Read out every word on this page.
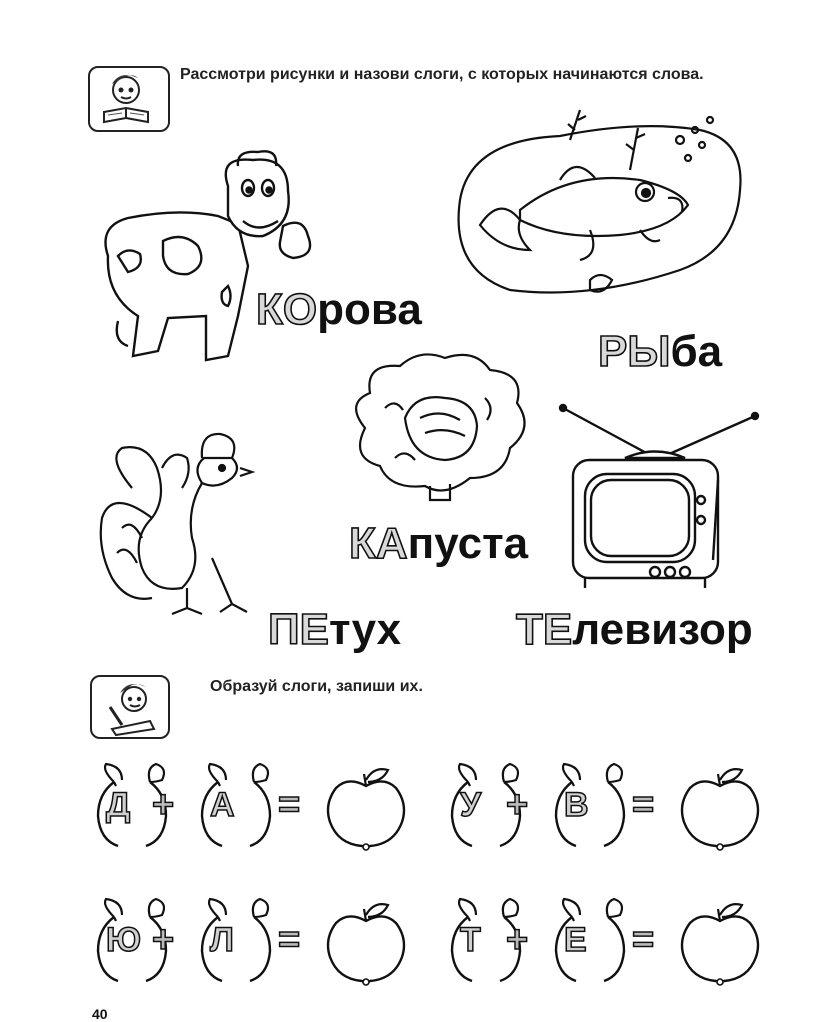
Рассмотри рисунки и назови слоги, с которых начинаются слова.
КОрова
РЫба
КАпуста
ПЕтух	ТЕлевизор
Образуй слоги, запиши их.
Д + А =	У + В =
Ю + Л =	Т + Е =
40
